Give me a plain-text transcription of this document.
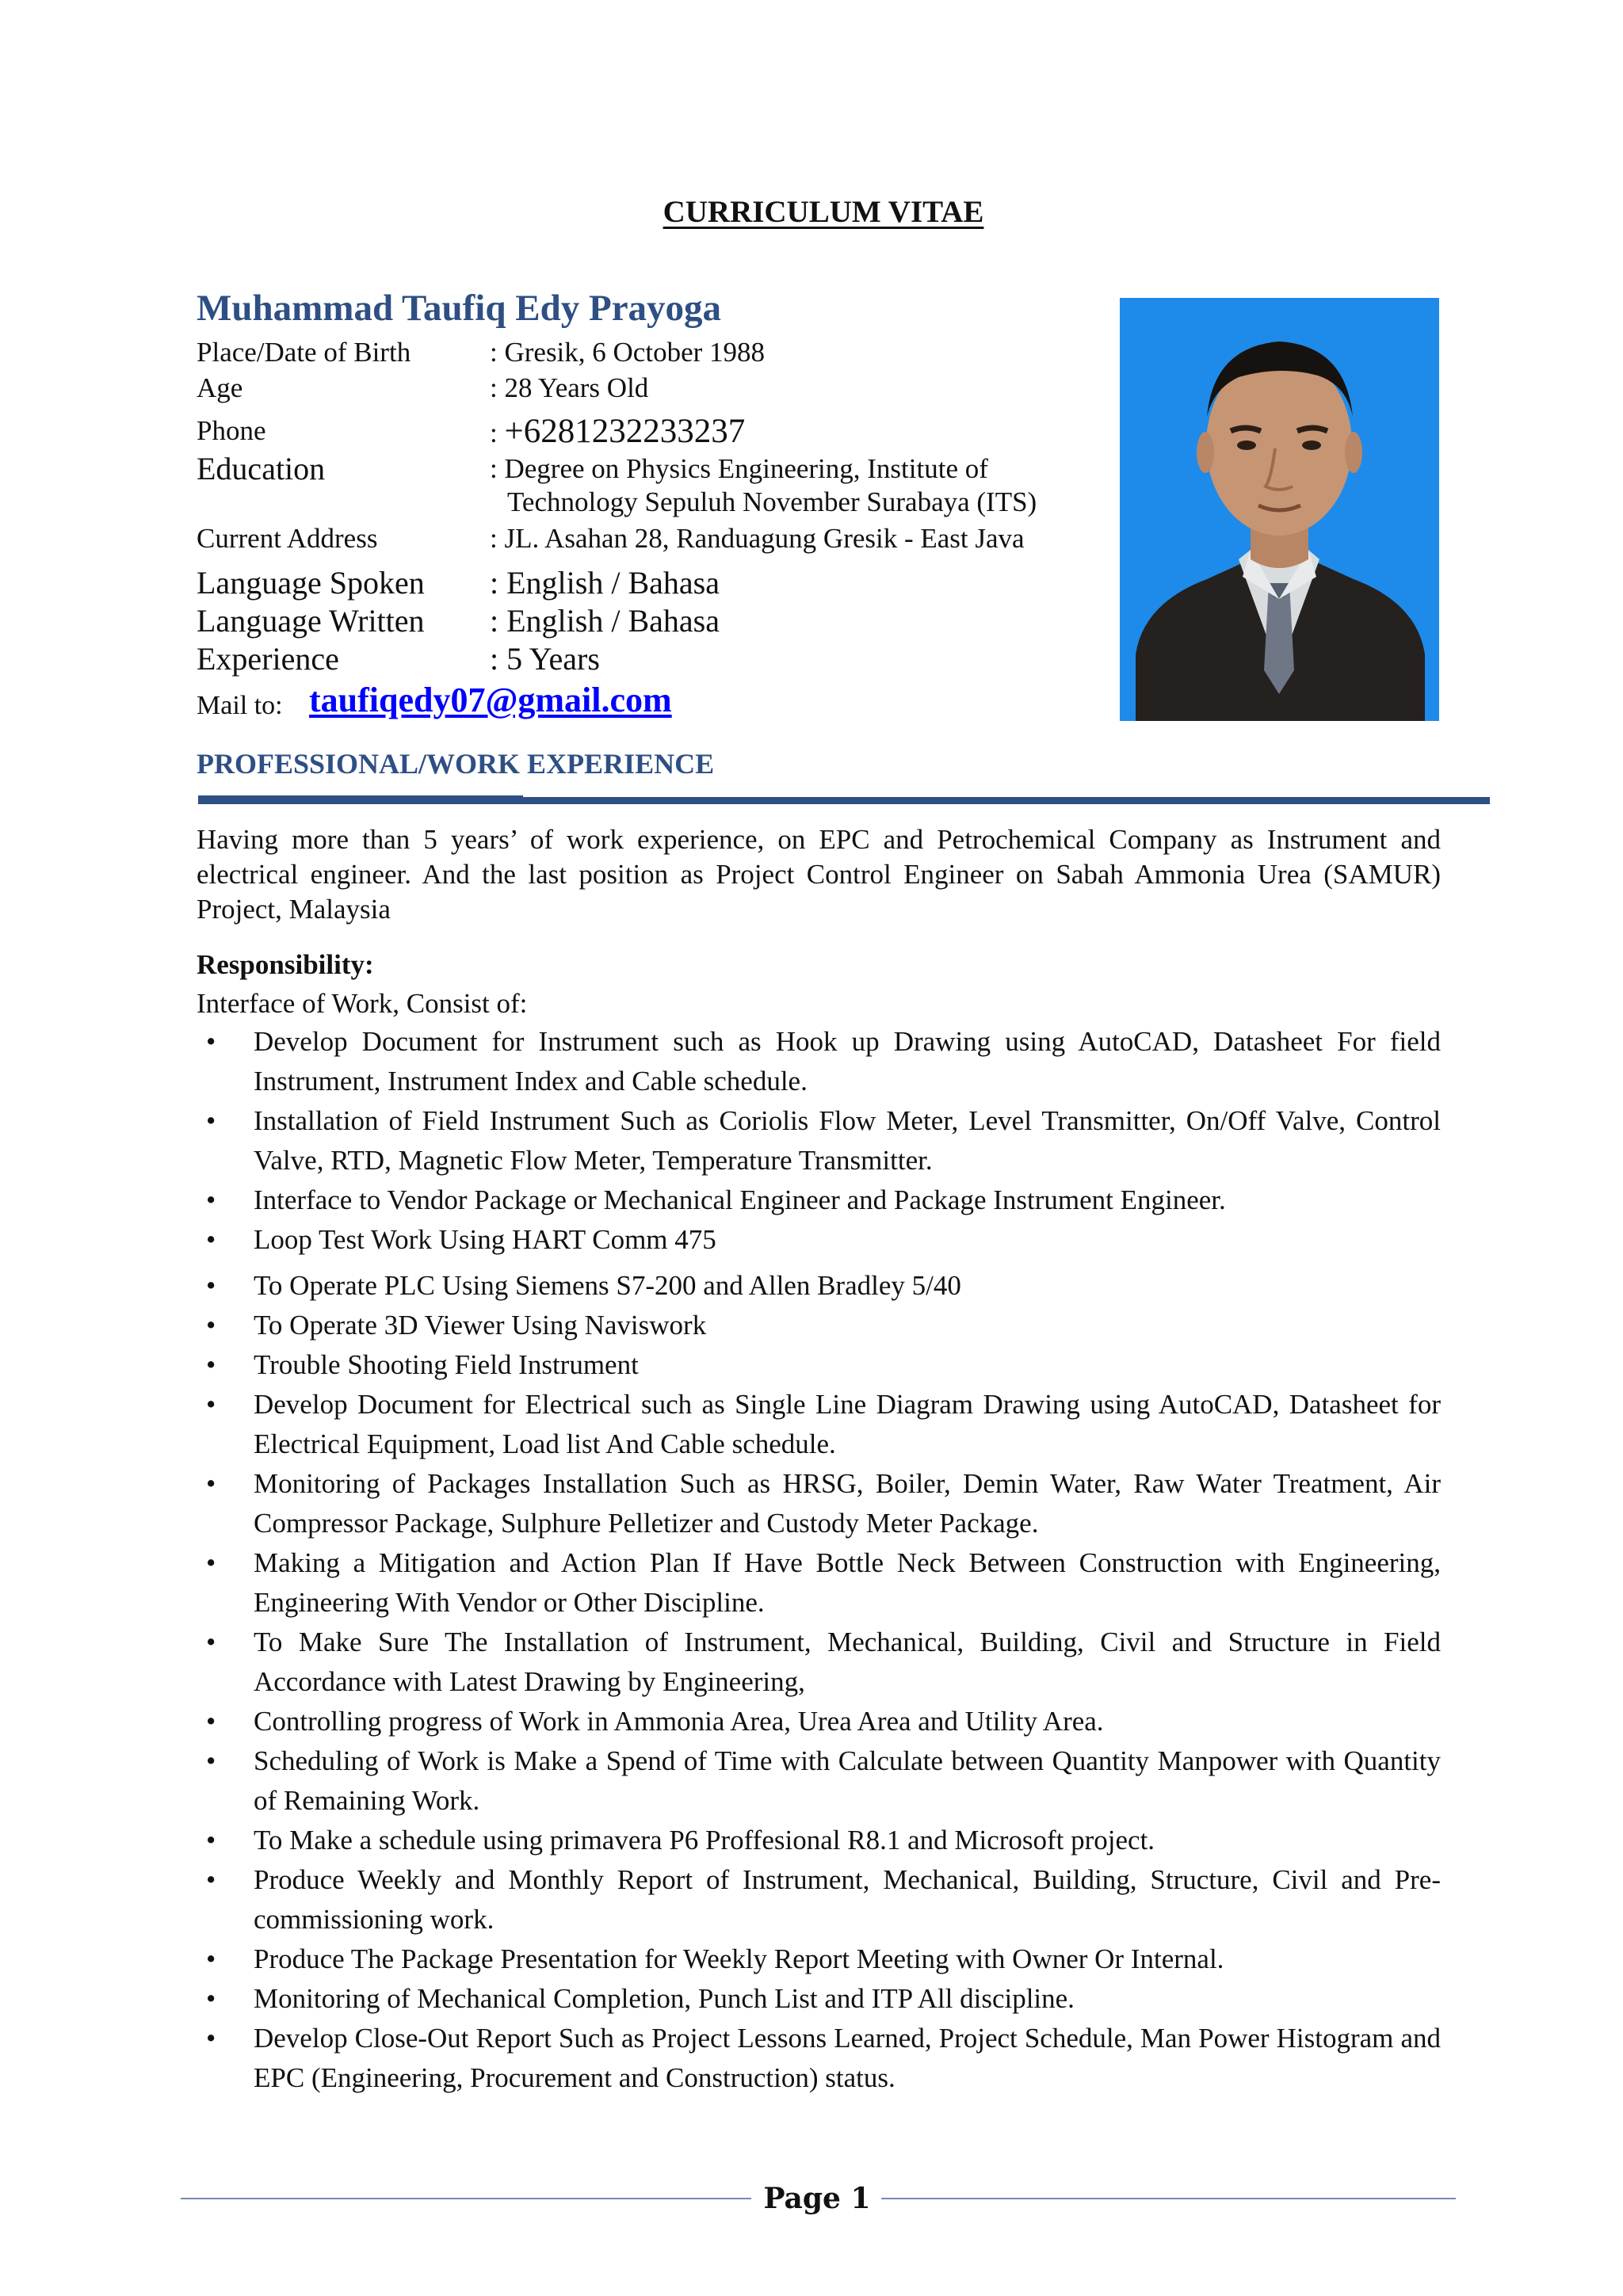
CURRICULUM VITAE
Muhammad Taufiq Edy Prayoga
Place/Date of Birth	: Gresik, 6 October 1988
Age	: 28 Years Old
Phone	: +6281232233237
Education	: Degree on Physics Engineering, Institute of
Technology Sepuluh November Surabaya (ITS)
Current Address	: JL. Asahan 28, Randuagung Gresik - East Java
Language Spoken : English / Bahasa
Language Written : English / Bahasa
Experience	: 5 Years
Mail to: taufiqedy07@gmail.com
PROFESSIONAL/WORK EXPERIENCE
Having more than 5 years’ of work experience, on EPC and Petrochemical Company as Instrument and electrical engineer. And the last position as Project Control Engineer on Sabah Ammonia Urea (SAMUR) Project, Malaysia
Responsibility:
Interface of Work, Consist of:
• Develop Document for Instrument such as Hook up Drawing using AutoCAD, Datasheet For field Instrument, Instrument Index and Cable schedule.
• Installation of Field Instrument Such as Coriolis Flow Meter, Level Transmitter, On/Off Valve, Control Valve, RTD, Magnetic Flow Meter, Temperature Transmitter.
• Interface to Vendor Package or Mechanical Engineer and Package Instrument Engineer.
• Loop Test Work Using HART Comm 475
• To Operate PLC Using Siemens S7-200 and Allen Bradley 5/40
• To Operate 3D Viewer Using Naviswork
• Trouble Shooting Field Instrument
• Develop Document for Electrical such as Single Line Diagram Drawing using AutoCAD, Datasheet for Electrical Equipment, Load list And Cable schedule.
• Monitoring of Packages Installation Such as HRSG, Boiler, Demin Water, Raw Water Treatment, Air Compressor Package, Sulphure Pelletizer and Custody Meter Package.
• Making a Mitigation and Action Plan If Have Bottle Neck Between Construction with Engineering, Engineering With Vendor or Other Discipline.
• To Make Sure The Installation of Instrument, Mechanical, Building, Civil and Structure in Field Accordance with Latest Drawing by Engineering,
• Controlling progress of Work in Ammonia Area, Urea Area and Utility Area.
• Scheduling of Work is Make a Spend of Time with Calculate between Quantity Manpower with Quantity of Remaining Work.
• To Make a schedule using primavera P6 Proffesional R8.1 and Microsoft project.
• Produce Weekly and Monthly Report of Instrument, Mechanical, Building, Structure, Civil and Pre-commissioning work.
• Produce The Package Presentation for Weekly Report Meeting with Owner Or Internal.
• Monitoring of Mechanical Completion, Punch List and ITP All discipline.
• Develop Close-Out Report Such as Project Lessons Learned, Project Schedule, Man Power Histogram and EPC (Engineering, Procurement and Construction) status.
Page 1
